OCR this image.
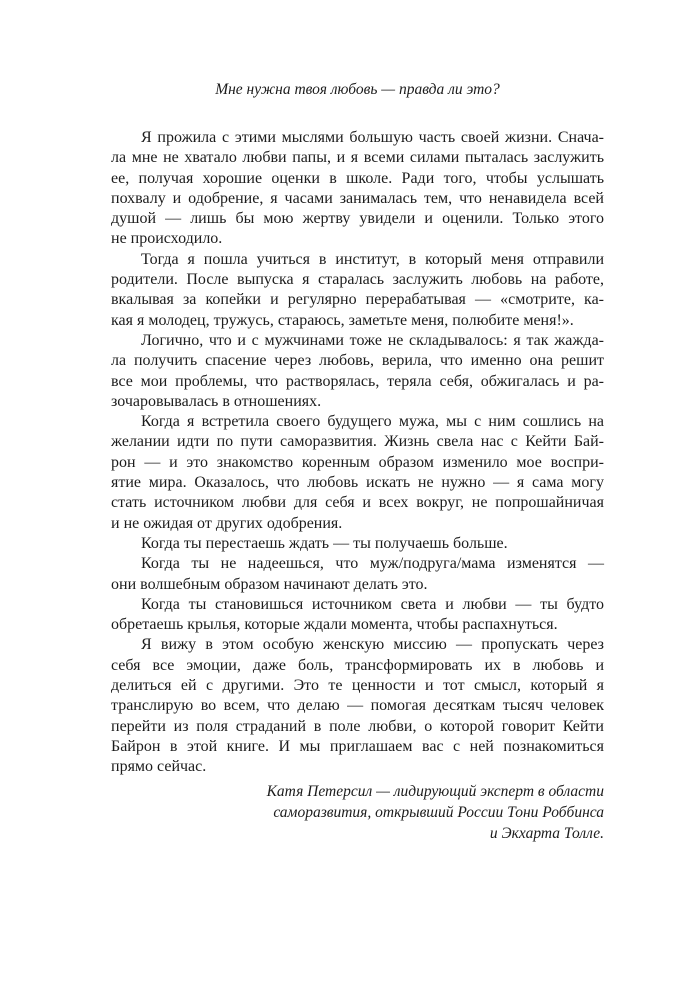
Мне нужна твоя любовь — правда ли это?

Я прожила с этими мыслями большую часть своей жизни. Снача-
ла мне не хватало любви папы, и я всеми силами пыталась заслужить
ее, получая хорошие оценки в школе. Ради того, чтобы услышать
похвалу и одобрение, я часами занималась тем, что ненавидела всей
душой — лишь бы мою жертву увидели и оценили. Только этого
не происходило.

Тогда я пошла учиться в институт, в который меня отправили
родители. После выпуска я старалась заслужить любовь на работе,
вкалывая за копейки и регулярно перерабатывая — «смотрите, ка-
кая я молодец, тружусь, стараюсь, заметьте меня, полюбите меня!».

Логично, что и с мужчинами тоже не складывалось: я так жажда-
ла получить спасение через любовь, верила, что именно она решит
все мои проблемы, что растворялась, теряла себя, обжигалась и ра-
зочаровывалась в отношениях.

Когда я встретила своего будущего мужа, мы с ним сошлись на
желании идти по пути саморазвития. Жизнь свела нас с Кейти Бай-
рон — и это знакомство коренным образом изменило мое воспри-
ятие мира. Оказалось, что любовь искать не нужно — я сама могу
стать источником любви для себя и всех вокруг, не попрошайничая
и не ожидая от других одобрения.

Когда ты перестаешь ждать — ты получаешь больше.

Когда ты не надеешься, что муж/подруга/мама изменятся —
они волшебным образом начинают делать это.

Когда ты становишься источником света и любви — ты будто
обретаешь крылья, которые ждали момента, чтобы распахнуться.

Я вижу в этом особую женскую миссию — пропускать через
себя все эмоции, даже боль, трансформировать их в любовь и
делиться ей с другими. Это те ценности и тот смысл, который я
транслирую во всем, что делаю — помогая десяткам тысяч человек
перейти из поля страданий в поле любви, о которой говорит Кейти
Байрон в этой книге. И мы приглашаем вас с ней познакомиться
прямо сейчас.

Катя Петерсил — лидирующий эксперт в области
саморазвития, открывший России Тони Роббинса
и Экхарта Толле.
